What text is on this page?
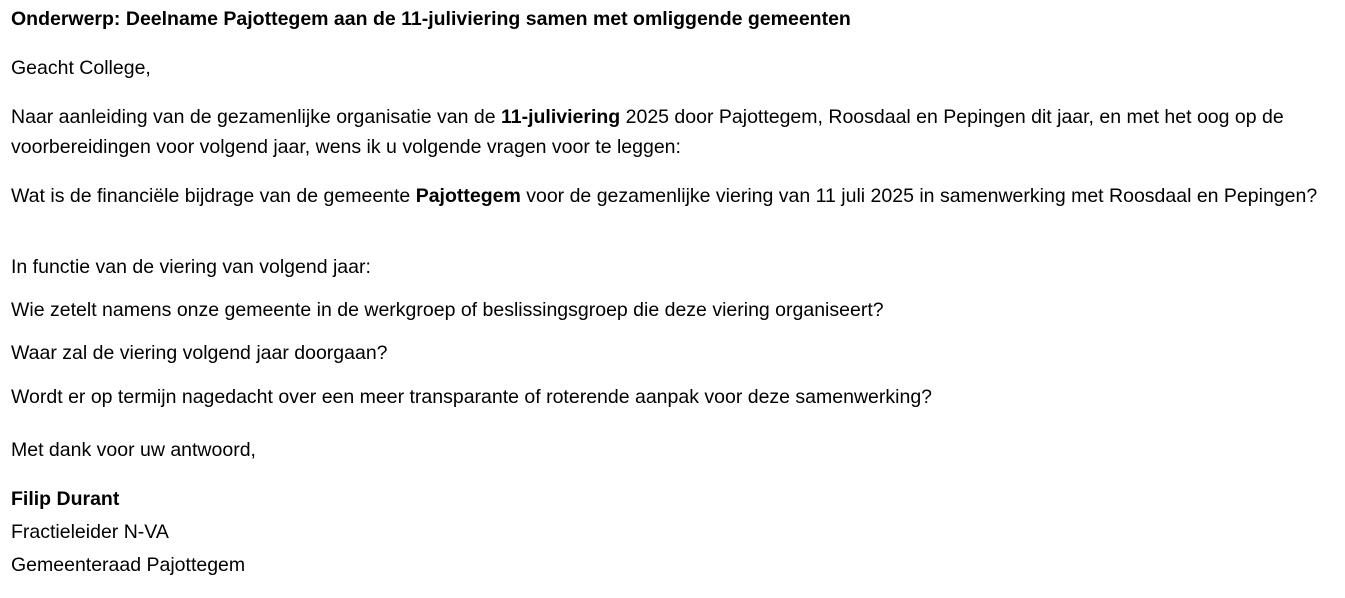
Onderwerp: Deelname Pajottegem aan de 11-juliviering samen met omliggende gemeenten
Geacht College,
Naar aanleiding van de gezamenlijke organisatie van de 11-juliviering 2025 door Pajottegem, Roosdaal en Pepingen dit jaar, en met het oog op de voorbereidingen voor volgend jaar, wens ik u volgende vragen voor te leggen:
Wat is de financiële bijdrage van de gemeente Pajottegem voor de gezamenlijke viering van 11 juli 2025 in samenwerking met Roosdaal en Pepingen?
In functie van de viering van volgend jaar:
Wie zetelt namens onze gemeente in de werkgroep of beslissingsgroep die deze viering organiseert?
Waar zal de viering volgend jaar doorgaan?
Wordt er op termijn nagedacht over een meer transparante of roterende aanpak voor deze samenwerking?
Met dank voor uw antwoord,
Filip Durant
Fractieleider N-VA
Gemeenteraad Pajottegem
